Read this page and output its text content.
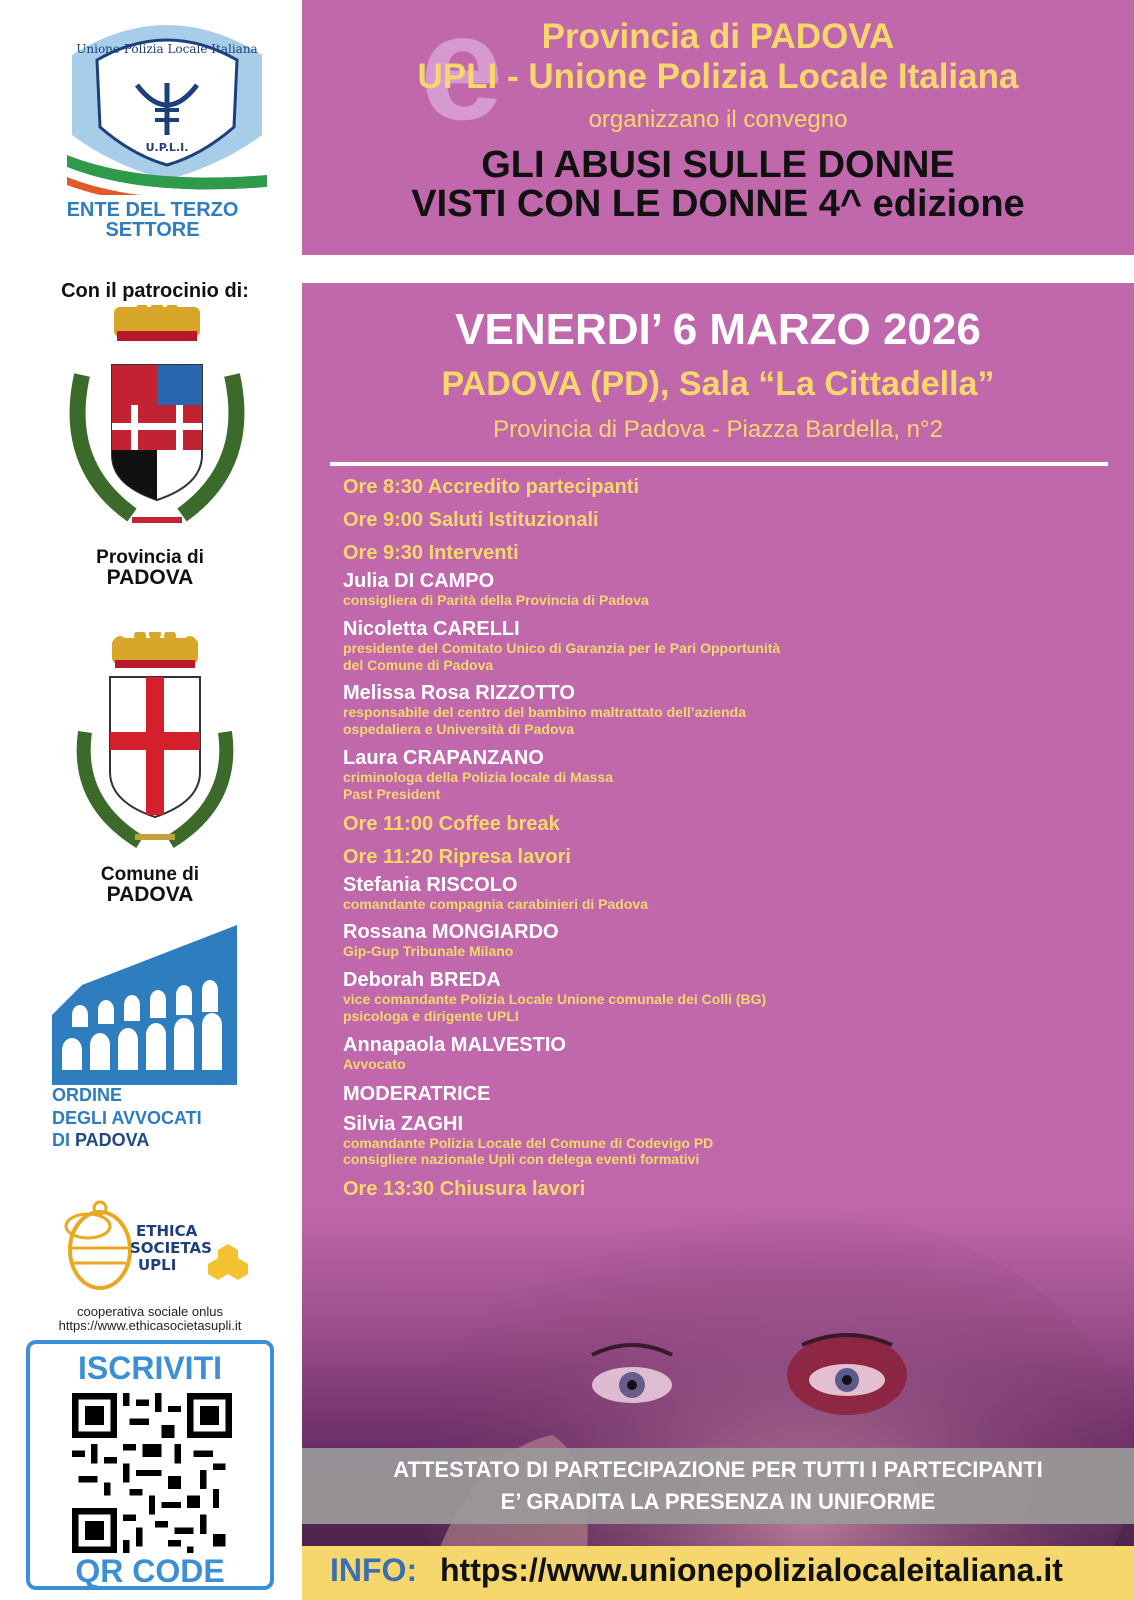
Unione Polizia Locale Italiana
U.P.L.I.
ENTE DEL TERZO
SETTORE
Con il patrocinio di:
Provincia di
PADOVA
Comune di
PADOVA
ORDINE
DEGLI AVVOCATI
DI PADOVA
ETHICA
SOCIETAS
UPLI
cooperativa sociale onlus
https://www.ethicasocietasupli.it
ISCRIVITI
QR CODE
e	Provincia di PADOVA
UPLI - Unione Polizia Locale Italiana
organizzano il convegno
GLI ABUSI SULLE DONNE
VISTI CON LE DONNE 4^ edizione
VENERDI’ 6 MARZO 2026
PADOVA (PD), Sala “La Cittadella”
Provincia di Padova - Piazza Bardella, n°2
Ore 8:30 Accredito partecipanti
Ore 9:00 Saluti Istituzionali
Ore 9:30 Interventi
Julia DI CAMPO
consigliera di Parità della Provincia di Padova
Nicoletta CARELLI
presidente del Comitato Unico di Garanzia per le Pari Opportunità
del Comune di Padova
Melissa Rosa RIZZOTTO
responsabile del centro del bambino maltrattato dell’azienda
ospedaliera e Università di Padova
Laura CRAPANZANO
criminologa della Polizia locale di Massa
Past President
Ore 11:00 Coffee break
Ore 11:20 Ripresa lavori
Stefania RISCOLO
comandante compagnia carabinieri di Padova
Rossana MONGIARDO
Gip-Gup Tribunale Milano
Deborah BREDA
vice comandante Polizia Locale Unione comunale dei Colli (BG)
psicologa e dirigente UPLI
Annapaola MALVESTIO
Avvocato
MODERATRICE
Silvia ZAGHI
comandante Polizia Locale del Comune di Codevigo PD
consigliere nazionale Upli con delega eventi formativi
Ore 13:30 Chiusura lavori
ATTESTATO DI PARTECIPAZIONE PER TUTTI I PARTECIPANTI
E’ GRADITA LA PRESENZA IN UNIFORME
INFO: https://www.unionepolizialocaleitaliana.it
